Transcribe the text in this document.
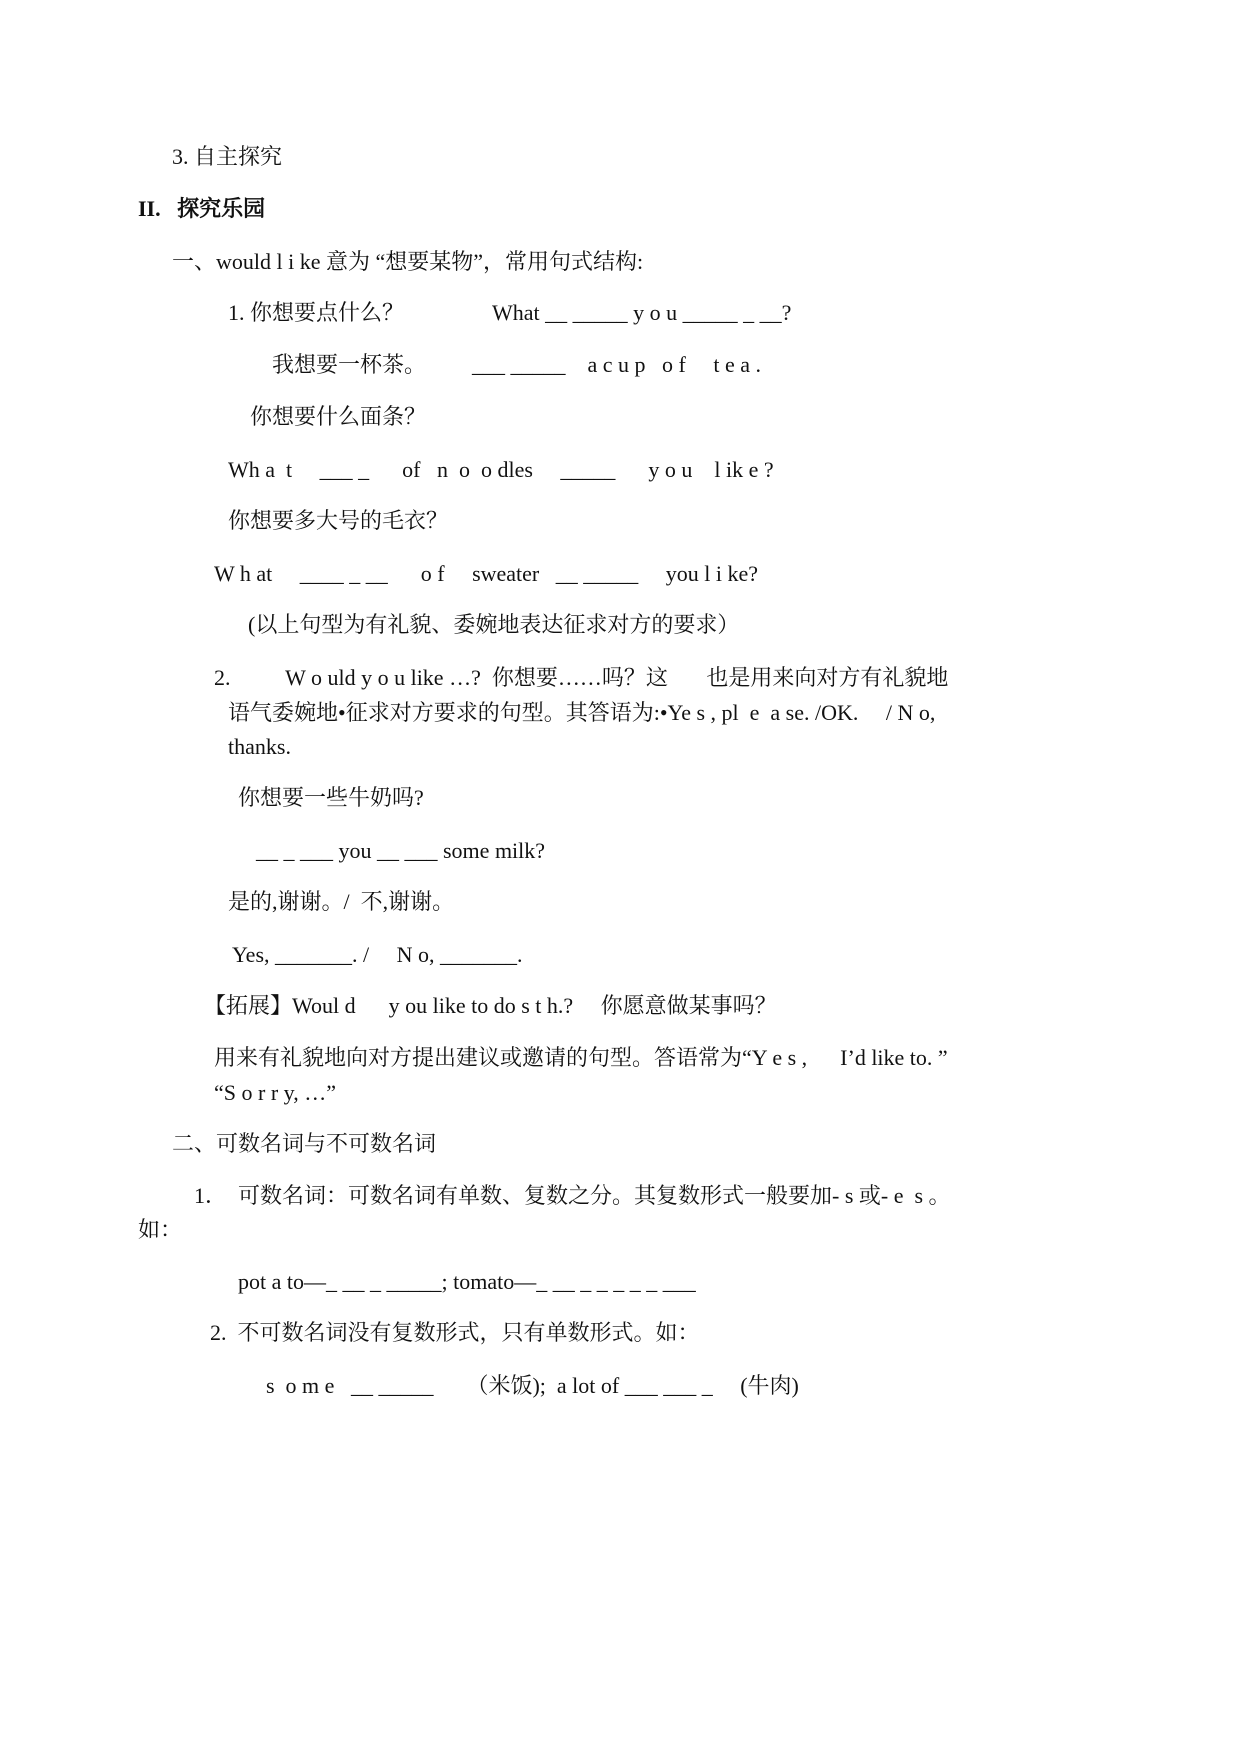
3. 自主探究
II.   探究乐园
一、would l i ke 意为 “想要某物”，常用句式结构:
1. 你想要点什么？	What __ _____ y o u _____ _ __?
我想要一杯茶。 ___ _____    a c u p   o f     t e a .
你想要什么面条？
Wh a  t     ___ _      of   n  o  o dles     _____      y o u    l ik e ?
你想要多大号的毛衣？
W h at     ____ _ __      o f     sweater   __ _____     you l i ke?
(以上句型为有礼貌、委婉地表达征求对方的要求）
2.          W o uld y o u like …?  你想要……吗？这       也是用来向对方有礼貌地
语气委婉地•征求对方要求的句型。其答语为:•Ye s , pl  e  a se. /OK.     / N o,
thanks.
你想要一些牛奶吗?
__ _ ___ you __ ___ some milk?
是的,谢谢。/  不,谢谢。
Yes, _______. /     N o, _______.
【拓展】Woul d      y ou like to do s t h.?     你愿意做某事吗？
用来有礼貌地向对方提出建议或邀请的句型。答语常为“Y e s ,      I’d like to. ”
“S o r r y, …”
二、可数名词与不可数名词
1．  可数名词：可数名词有单数、复数之分。其复数形式一般要加- s 或- e  s 。
如：
pot a to—_ __ _ _____; tomato—_ __ _ _ _ _ _ ___
2.  不可数名词没有复数形式，只有单数形式。如：
s  o m e   __ _____      （米饭);  a lot of ___ ___ _     (牛肉)
